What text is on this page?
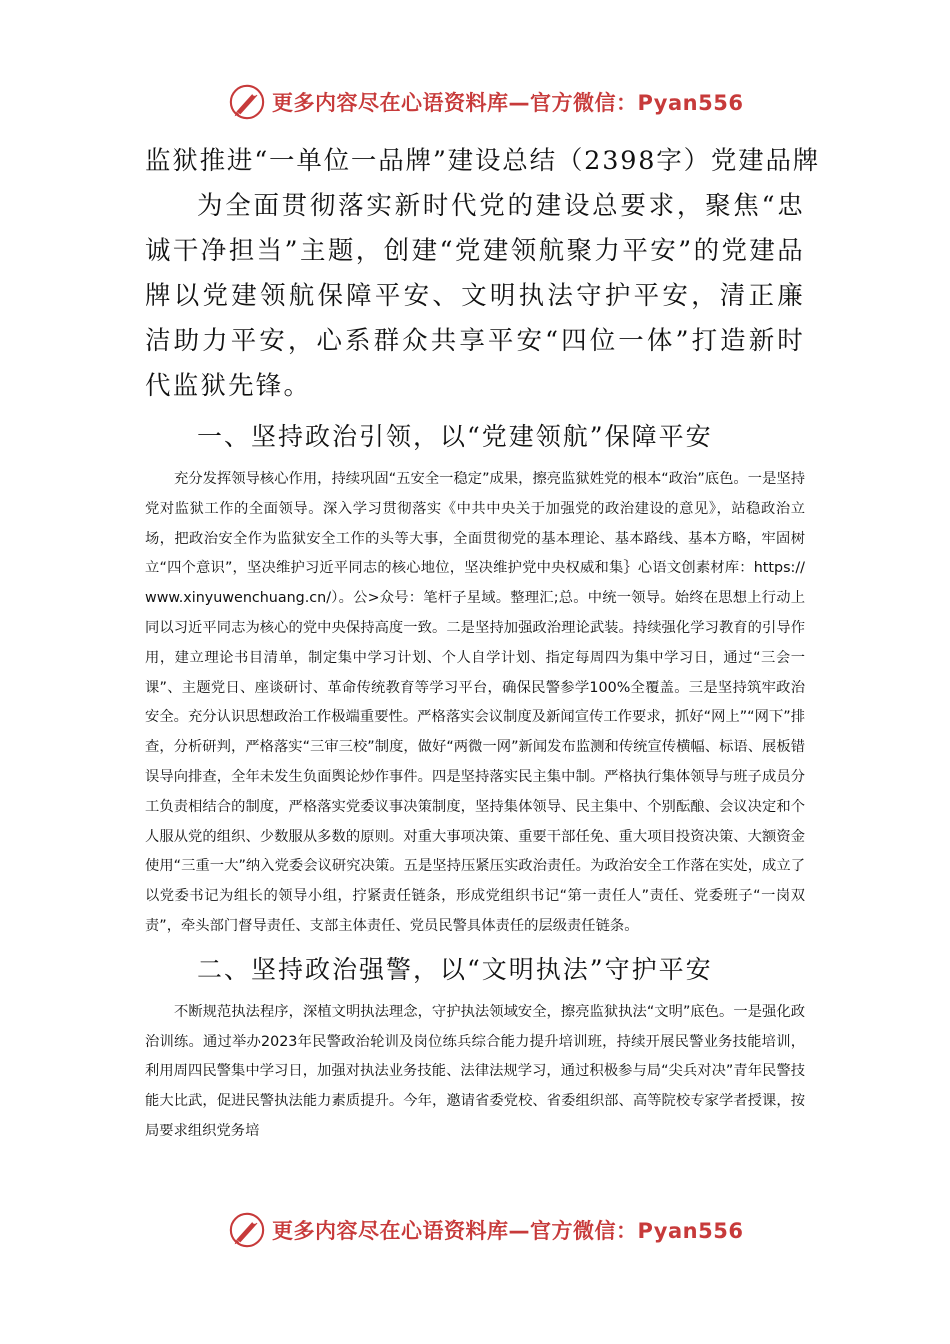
更多内容尽在心语资料库—官方微信：Pyan556

监狱推进“一单位一品牌”建设总结（2398字）党建品牌

为全面贯彻落实新时代党的建设总要求，聚焦“忠诚干净担当”主题，创建“党建领航聚力平安”的党建品牌以党建领航保障平安、文明执法守护平安，清正廉洁助力平安，心系群众共享平安“四位一体”打造新时代监狱先锋。

一、坚持政治引领，以“党建领航”保障平安

充分发挥领导核心作用，持续巩固“五安全一稳定”成果，擦亮监狱姓党的根本“政治”底色。一是坚持党对监狱工作的全面领导。深入学习贯彻落实《中共中央关于加强党的政治建设的意见》，站稳政治立场，把政治安全作为监狱安全工作的头等大事，全面贯彻党的基本理论、基本路线、基本方略，牢固树立“四个意识”，坚决维护习近平同志的核心地位，坚决维护党中央权威和集｝心语文创素材库：https://www.xinyuwenchuang.cn/）。公>众号：笔杆子星域。整理汇;总。中统一领导。始终在思想上行动上同以习近平同志为核心的党中央保持高度一致。二是坚持加强政治理论武装。持续强化学习教育的引导作用，建立理论书目清单，制定集中学习计划、个人自学计划、指定每周四为集中学习日，通过“三会一课”、主题党日、座谈研讨、革命传统教育等学习平台，确保民警参学100%全覆盖。三是坚持筑牢政治安全。充分认识思想政治工作极端重要性。严格落实会议制度及新闻宣传工作要求，抓好“网上”“网下”排查，分析研判，严格落实“三审三校”制度，做好“两微一网”新闻发布监测和传统宣传横幅、标语、展板错误导向排查，全年未发生负面舆论炒作事件。四是坚持落实民主集中制。严格执行集体领导与班子成员分工负责相结合的制度，严格落实党委议事决策制度，坚持集体领导、民主集中、个别酝酿、会议决定和个人服从党的组织、少数服从多数的原则。对重大事项决策、重要干部任免、重大项目投资决策、大额资金使用“三重一大”纳入党委会议研究决策。五是坚持压紧压实政治责任。为政治安全工作落在实处，成立了以党委书记为组长的领导小组，拧紧责任链条，形成党组织书记“第一责任人”责任、党委班子“一岗双责”，牵头部门督导责任、支部主体责任、党员民警具体责任的层级责任链条。

二、坚持政治强警，以“文明执法”守护平安

不断规范执法程序，深植文明执法理念，守护执法领域安全，擦亮监狱执法“文明”底色。一是强化政治训练。通过举办2023年民警政治轮训及岗位练兵综合能力提升培训班，持续开展民警业务技能培训，利用周四民警集中学习日，加强对执法业务技能、法律法规学习，通过积极参与局“尖兵对决”青年民警技能大比武，促进民警执法能力素质提升。今年，邀请省委党校、省委组织部、高等院校专家学者授课，按局要求组织党务培

更多内容尽在心语资料库—官方微信：Pyan556
